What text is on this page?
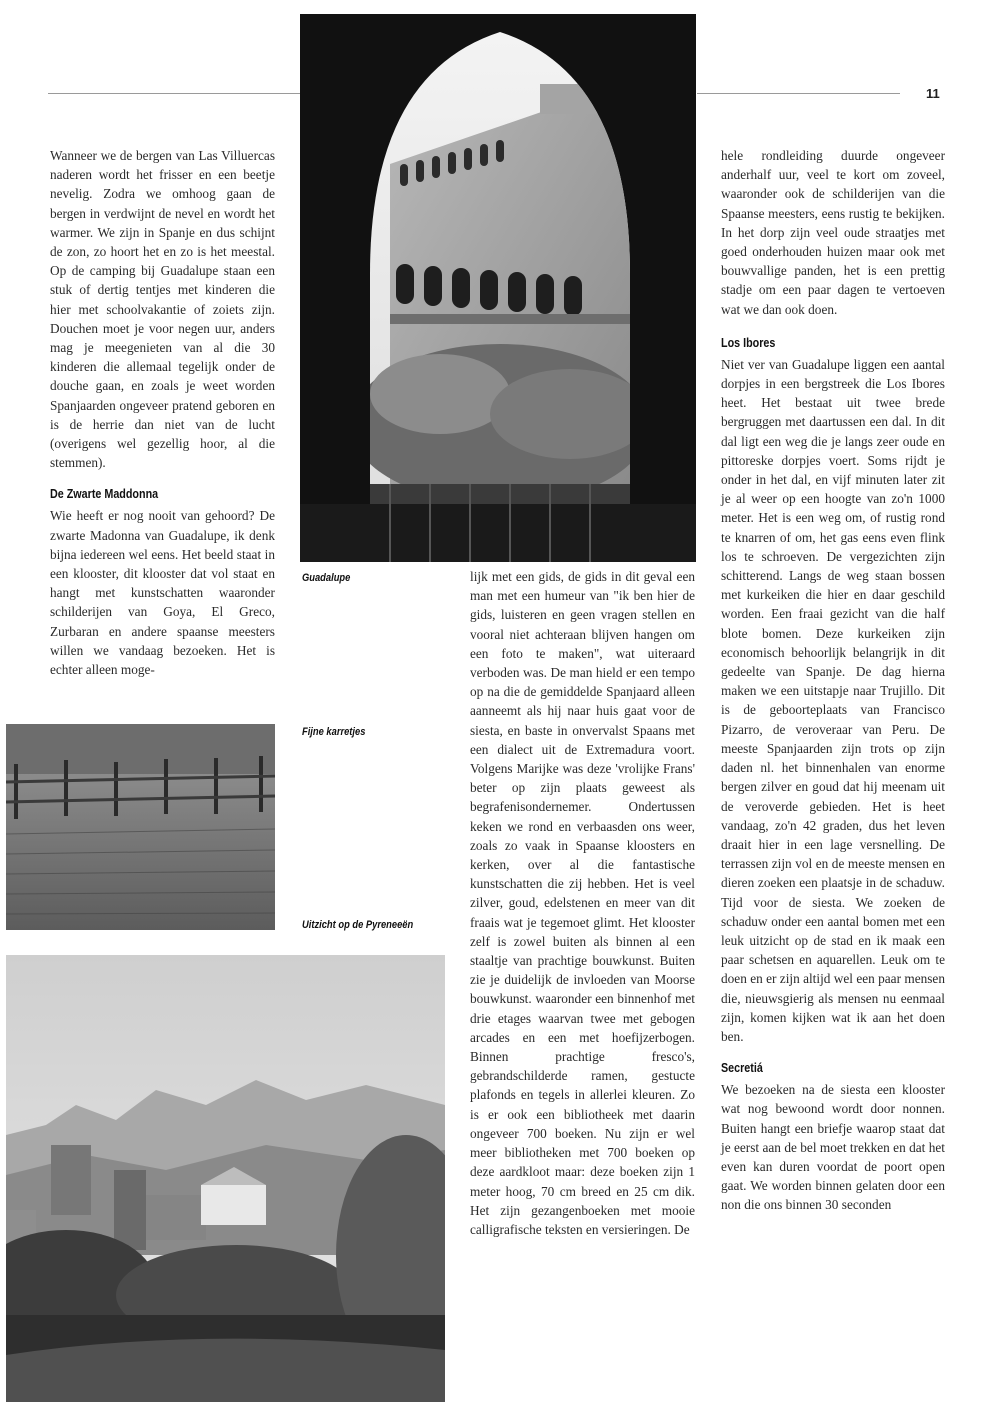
11
Guadalupe
Fijne karretjes
Uitzicht op de Pyreneeën

Wanneer we de bergen van Las Villuercas naderen wordt het frisser en een beetje nevelig. Zodra we omhoog gaan de bergen in verdwijnt de nevel en wordt het warmer. We zijn in Spanje en dus schijnt de zon, zo hoort het en zo is het meestal. Op de camping bij Guadalupe staan een stuk of dertig tentjes met kinderen die hier met schoolvakantie of zoiets zijn. Douchen moet je voor negen uur, anders mag je meegenieten van al die 30 kinderen die allemaal tegelijk onder de douche gaan, en zoals je weet worden Spanjaarden ongeveer pratend geboren en is de herrie dan niet van de lucht (overigens wel gezellig hoor, al die stemmen).

De Zwarte Maddonna

Wie heeft er nog nooit van gehoord? De zwarte Madonna van Guadalupe, ik denk bijna iedereen wel eens. Het beeld staat in een klooster, dit klooster dat vol staat en hangt met kunstschatten waaronder schilderijen van Goya, El Greco, Zurbaran en andere spaanse meesters willen we vandaag bezoeken. Het is echter alleen moge-

lijk met een gids, de gids in dit geval een man met een humeur van "ik ben hier de gids, luisteren en geen vragen stellen en vooral niet achteraan blijven hangen om een foto te maken", wat uiteraard verboden was. De man hield er een tempo op na die de gemiddelde Spanjaard alleen aanneemt als hij naar huis gaat voor de siesta, en baste in onvervalst Spaans met een dialect uit de Extremadura voort. Volgens Marijke was deze 'vrolijke Frans' beter op zijn plaats geweest als begrafenisondernemer. Ondertussen keken we rond en verbaasden ons weer, zoals zo vaak in Spaanse kloosters en kerken, over al die fantastische kunstschatten die zij hebben. Het is veel zilver, goud, edelstenen en meer van dit fraais wat je tegemoet glimt. Het klooster zelf is zowel buiten als binnen al een staaltje van prachtige bouwkunst. Buiten zie je duidelijk de invloeden van Moorse bouwkunst. waaronder een binnenhof met drie etages waarvan twee met gebogen arcades en een met hoefijzerbogen. Binnen prachtige fresco's, gebrandschilderde ramen, gestucte plafonds en tegels in allerlei kleuren. Zo is er ook een bibliotheek met daarin ongeveer 700 boeken. Nu zijn er wel meer bibliotheken met 700 boeken op deze aardkloot maar: deze boeken zijn 1 meter hoog, 70 cm breed en 25 cm dik. Het zijn gezangenboeken met mooie calligrafische teksten en versieringen. De

hele rondleiding duurde ongeveer anderhalf uur, veel te kort om zoveel, waaronder ook de schilderijen van die Spaanse meesters, eens rustig te bekijken. In het dorp zijn veel oude straatjes met goed onderhouden huizen maar ook met bouwvallige panden, het is een prettig stadje om een paar dagen te vertoeven wat we dan ook doen.

Los Ibores

Niet ver van Guadalupe liggen een aantal dorpjes in een bergstreek die Los Ibores heet. Het bestaat uit twee brede bergruggen met daartussen een dal. In dit dal ligt een weg die je langs zeer oude en pittoreske dorpjes voert. Soms rijdt je onder in het dal, en vijf minuten later zit je al weer op een hoogte van zo'n 1000 meter. Het is een weg om, of rustig rond te knarren of om, het gas eens even flink los te schroeven. De vergezichten zijn schitterend. Langs de weg staan bossen met kurkeiken die hier en daar geschild worden. Een fraai gezicht van die half blote bomen. Deze kurkeiken zijn economisch behoorlijk belangrijk in dit gedeelte van Spanje. De dag hierna maken we een uitstapje naar Trujillo. Dit is de geboorteplaats van Francisco Pizarro, de veroveraar van Peru. De meeste Spanjaarden zijn trots op zijn daden nl. het binnenhalen van enorme bergen zilver en goud dat hij meenam uit de veroverde gebieden. Het is heet vandaag, zo'n 42 graden, dus het leven draait hier in een lage versnelling. De terrassen zijn vol en de meeste mensen en dieren zoeken een plaatsje in de schaduw. Tijd voor de siesta. We zoeken de schaduw onder een aantal bomen met een leuk uitzicht op de stad en ik maak een paar schetsen en aquarellen. Leuk om te doen en er zijn altijd wel een paar mensen die, nieuwsgierig als mensen nu eenmaal zijn, komen kijken wat ik aan het doen ben.

Secretiá

We bezoeken na de siesta een klooster wat nog bewoond wordt door nonnen. Buiten hangt een briefje waarop staat dat je eerst aan de bel moet trekken en dat het even kan duren voordat de poort open gaat. We worden binnen gelaten door een non die ons binnen 30 seconden
